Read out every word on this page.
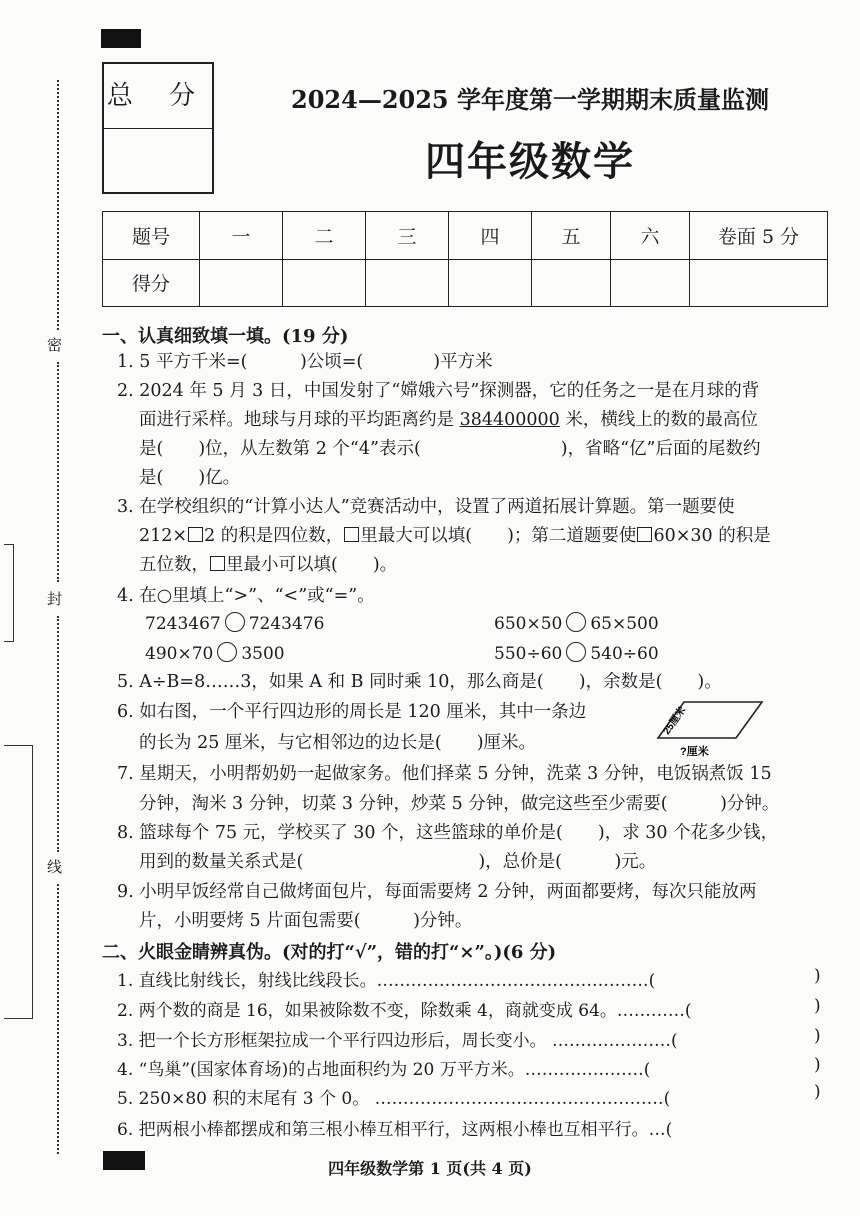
密
封
线
总 分	2024—2025 学年度第一学期期末质量监测
四年级数学
题号	一	二	三	四	五	六	卷面 5 分
得分							
一、认真细致填一填。(19 分)
1. 5 平方千米=(　　　)公顷=(　　　　)平方米
2. 2024 年 5 月 3 日，中国发射了“嫦娥六号”探测器，它的任务之一是在月球的背
面进行采样。地球与月球的平均距离约是 384400000 米，横线上的数的最高位
是(　　)位，从左数第 2 个“4”表示(　　　　　　　　)，省略“亿”后面的尾数约
是(　　)亿。
3. 在学校组织的“计算小达人”竞赛活动中，设置了两道拓展计算题。第一题要使
212× 2 的积是四位数， 里最大可以填(　　)；第二道题要使 60×30 的积是
五位数， 里最小可以填(　　)。
4. 在○里填上“>”、“<”或“=”。
7243467 7243476	650×50 65×500
490×70 3500	550÷60 540÷60
5. A÷B=8……3，如果 A 和 B 同时乘 10，那么商是(　　)，余数是(　　)。
6. 如右图，一个平行四边形的周长是 120 厘米，其中一条边
的长为 25 厘米，与它相邻边的边长是(　　)厘米。
25厘米
?厘米
7. 星期天，小明帮奶奶一起做家务。他们择菜 5 分钟，洗菜 3 分钟，电饭锅煮饭 15
分钟，淘米 3 分钟，切菜 3 分钟，炒菜 5 分钟，做完这些至少需要(　　　)分钟。
8. 篮球每个 75 元，学校买了 30 个，这些篮球的单价是(　　)，求 30 个花多少钱，
用到的数量关系式是(　　　　　　　　　　)，总价是(　　　)元。
9. 小明早饭经常自己做烤面包片，每面需要烤 2 分钟，两面都要烤，每次只能放两
片，小明要烤 5 片面包需要(　　　)分钟。
二、火眼金睛辨真伪。(对的打“√”，错的打“×”。)(6 分)
1. 直线比射线长，射线比线段长。…………………………………………(	)
2. 两个数的商是 16，如果被除数不变，除数乘 4，商就变成 64。…………(	)
3. 把一个长方形框架拉成一个平行四边形后，周长变小。 …………………(	)
4. “鸟巢”(国家体育场)的占地面积约为 20 万平方米。…………………(	)
5. 250×80 积的末尾有 3 个 0。 ……………………………………………(	)
6. 把两根小棒都摆成和第三根小棒互相平行，这两根小棒也互相平行。…(
四年级数学第 1 页(共 4 页)
